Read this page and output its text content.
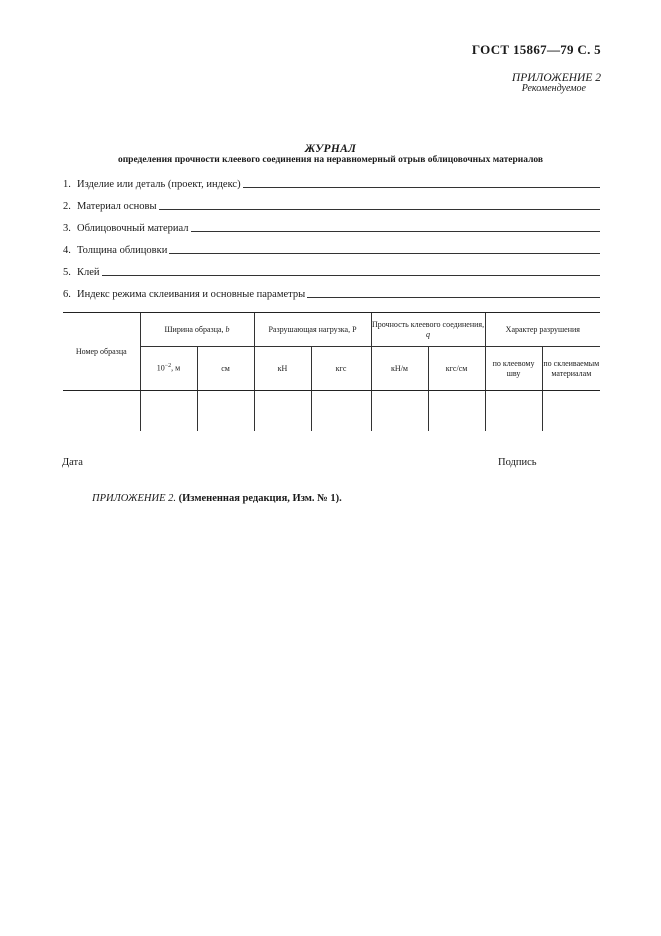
ГОСТ 15867—79 С. 5
ПРИЛОЖЕНИЕ 2
Рекомендуемое
ЖУРНАЛ
определения прочности клеевого соединения на неравномерный отрыв облицовочных материалов
1. Изделие или деталь (проект, индекс)
2. Материал основы
3. Облицовочный материал
4. Толщина облицовки
5. Клей
6. Индекс режима склеивания и основные параметры
Номер образца	Ширина образца, b		Разрушающая нагрузка, P		Прочность клеевого соединения, q		Характер разрушения	
	$10^{-2}$, м	см	кН	кгс	кН/м	кгс/см	по клеевому шву	по склеиваемым материалам

Дата	Подпись
ПРИЛОЖЕНИЕ 2. (Измененная редакция, Изм. № 1).
